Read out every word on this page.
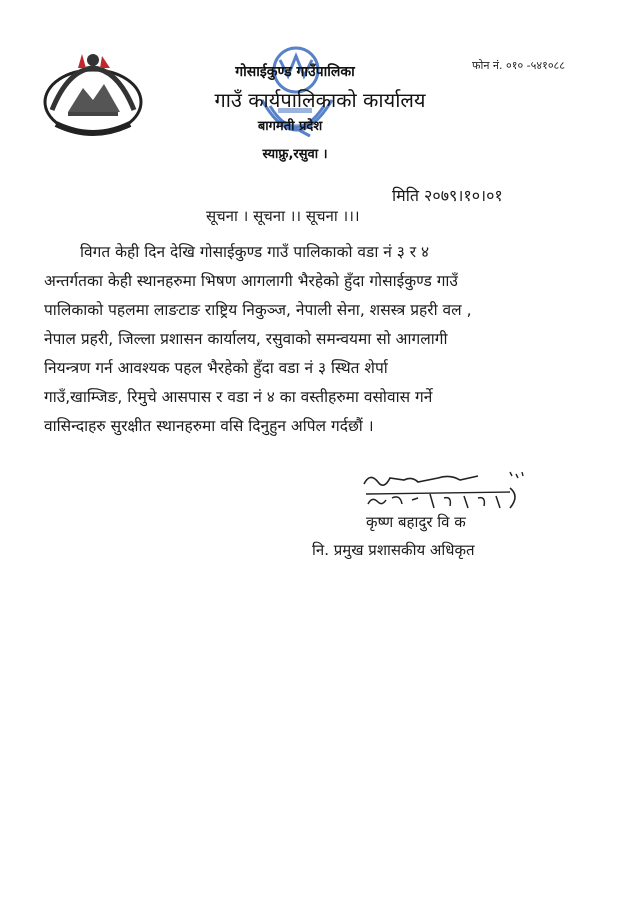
फोन नं. ०१० -५४१०८८
गोसाईकुण्ड गाउँपालिका
गाउँ कार्यपालिकाको कार्यालय
बागमती प्रदेश
स्याफ्रु,रसुवा ।
मिति २०७९।१०।०१
सूचना । सूचना ।। सूचना ।।।
विगत केही दिन देखि गोसाईकुण्ड गाउँ पालिकाको वडा नं ३ र ४
अन्तर्गतका केही स्थानहरुमा भिषण आगलागी भैरहेको हुँदा गोसाईकुण्ड गाउँ
पालिकाको पहलमा लाङटाङ राष्ट्रिय निकुञ्ज, नेपाली सेना, शसस्त्र प्रहरी वल ,
नेपाल प्रहरी, जिल्ला प्रशासन कार्यालय, रसुवाको समन्वयमा सो आगलागी
नियन्त्रण गर्न आवश्यक पहल भैरहेको हुँदा वडा नं ३ स्थित शेर्पा
गाउँ,खाम्जिङ, रिमुचे आसपास र वडा नं ४ का वस्तीहरुमा वसोवास गर्ने
वासिन्दाहरु सुरक्षीत स्थानहरुमा वसि दिनुहुन अपिल गर्दछौं ।
कृष्ण बहादुर वि क
नि. प्रमुख प्रशासकीय अधिकृत
